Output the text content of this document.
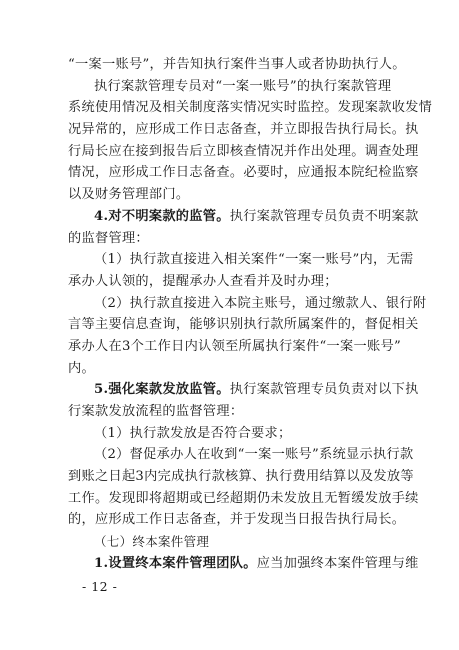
“一案一账号”，并告知执行案件当事人或者协助执行人。
执行案款管理专员对“一案一账号”的执行案款管理
系统使用情况及相关制度落实情况实时监控。发现案款收发情
况异常的，应形成工作日志备查，并立即报告执行局长。执
行局长应在接到报告后立即核查情况并作出处理。调查处理
情况，应形成工作日志备查。必要时，应通报本院纪检监察
以及财务管理部门。
4.对不明案款的监管。执行案款管理专员负责不明案款
的监督管理：
（1）执行款直接进入相关案件“一案一账号”内，无需
承办人认领的，提醒承办人查看并及时办理；
（2）执行款直接进入本院主账号，通过缴款人、银行附
言等主要信息查询，能够识别执行款所属案件的，督促相关
承办人在3个工作日内认领至所属执行案件“一案一账号”
内。
5.强化案款发放监管。执行案款管理专员负责对以下执
行案款发放流程的监督管理：
（1）执行款发放是否符合要求；
（2）督促承办人在收到“一案一账号”系统显示执行款
到账之日起3内完成执行款核算、执行费用结算以及发放等
工作。发现即将超期或已经超期仍未发放且无暂缓发放手续
的，应形成工作日志备查，并于发现当日报告执行局长。
（七）终本案件管理
1.设置终本案件管理团队。应当加强终本案件管理与维
- 12 -
